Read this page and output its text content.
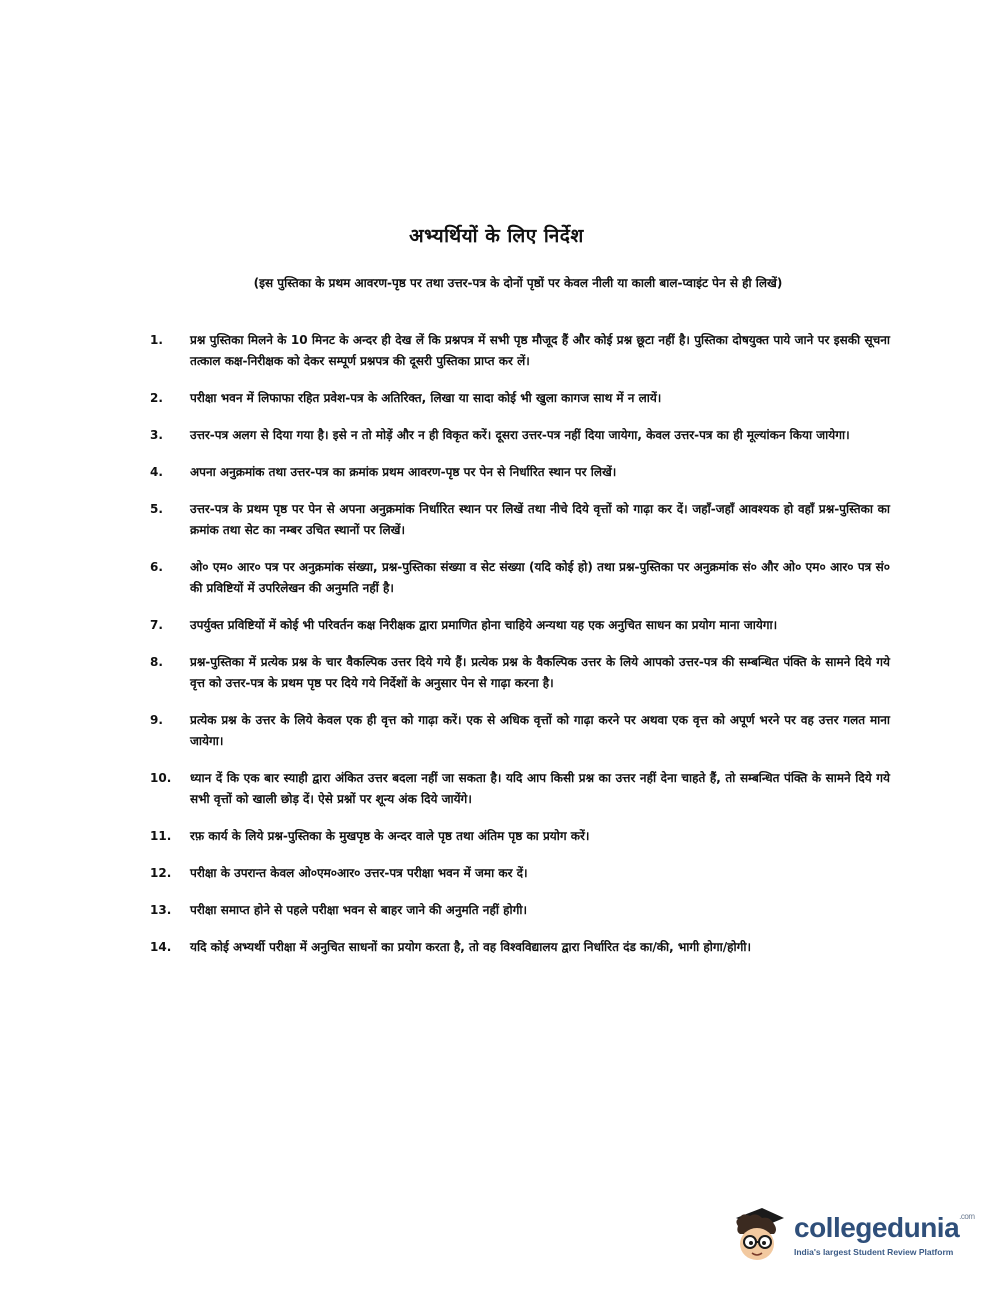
अभ्यर्थियों के लिए निर्देश
(इस पुस्तिका के प्रथम आवरण-पृष्ठ पर तथा उत्तर-पत्र के दोनों पृष्ठों पर केवल नीली या काली बाल-प्वाइंट पेन से ही लिखें)
1.	प्रश्न पुस्तिका मिलने के 10 मिनट के अन्दर ही देख लें कि प्रश्नपत्र में सभी पृष्ठ मौजूद हैं और कोई प्रश्न छूटा नहीं है। पुस्तिका दोषयुक्त पाये जाने पर इसकी सूचना तत्काल कक्ष-निरीक्षक को देकर सम्पूर्ण प्रश्नपत्र की दूसरी पुस्तिका प्राप्त कर लें।
2.	परीक्षा भवन में लिफाफा रहित प्रवेश-पत्र के अतिरिक्त, लिखा या सादा कोई भी खुला कागज साथ में न लायें।
3.	उत्तर-पत्र अलग से दिया गया है। इसे न तो मोड़ें और न ही विकृत करें। दूसरा उत्तर-पत्र नहीं दिया जायेगा, केवल उत्तर-पत्र का ही मूल्यांकन किया जायेगा।
4.	अपना अनुक्रमांक तथा उत्तर-पत्र का क्रमांक प्रथम आवरण-पृष्ठ पर पेन से निर्धारित स्थान पर लिखें।
5.	उत्तर-पत्र के प्रथम पृष्ठ पर पेन से अपना अनुक्रमांक निर्धारित स्थान पर लिखें तथा नीचे दिये वृत्तों को गाढ़ा कर दें। जहाँ-जहाँ आवश्यक हो वहाँ प्रश्न-पुस्तिका का क्रमांक तथा सेट का नम्बर उचित स्थानों पर लिखें।
6.	ओ० एम० आर० पत्र पर अनुक्रमांक संख्या, प्रश्न-पुस्तिका संख्या व सेट संख्या (यदि कोई हो) तथा प्रश्न-पुस्तिका पर अनुक्रमांक सं० और ओ० एम० आर० पत्र सं० की प्रविष्टियों में उपरिलेखन की अनुमति नहीं है।
7.	उपर्युक्त प्रविष्टियों में कोई भी परिवर्तन कक्ष निरीक्षक द्वारा प्रमाणित होना चाहिये अन्यथा यह एक अनुचित साधन का प्रयोग माना जायेगा।
8.	प्रश्न-पुस्तिका में प्रत्येक प्रश्न के चार वैकल्पिक उत्तर दिये गये हैं। प्रत्येक प्रश्न के वैकल्पिक उत्तर के लिये आपको उत्तर-पत्र की सम्बन्धित पंक्ति के सामने दिये गये वृत्त को उत्तर-पत्र के प्रथम पृष्ठ पर दिये गये निर्देशों के अनुसार पेन से गाढ़ा करना है।
9.	प्रत्येक प्रश्न के उत्तर के लिये केवल एक ही वृत्त को गाढ़ा करें। एक से अधिक वृत्तों को गाढ़ा करने पर अथवा एक वृत्त को अपूर्ण भरने पर वह उत्तर गलत माना जायेगा।
10.	ध्यान दें कि एक बार स्याही द्वारा अंकित उत्तर बदला नहीं जा सकता है। यदि आप किसी प्रश्न का उत्तर नहीं देना चाहते हैं, तो सम्बन्धित पंक्ति के सामने दिये गये सभी वृत्तों को खाली छोड़ दें। ऐसे प्रश्नों पर शून्य अंक दिये जायेंगे।
11.	रफ़ कार्य के लिये प्रश्न-पुस्तिका के मुखपृष्ठ के अन्दर वाले पृष्ठ तथा अंतिम पृष्ठ का प्रयोग करें।
12.	परीक्षा के उपरान्त केवल ओ०एम०आर० उत्तर-पत्र परीक्षा भवन में जमा कर दें।
13.	परीक्षा समाप्त होने से पहले परीक्षा भवन से बाहर जाने की अनुमति नहीं होगी।
14.	यदि कोई अभ्यर्थी परीक्षा में अनुचित साधनों का प्रयोग करता है, तो वह विश्वविद्यालय द्वारा निर्धारित दंड का/की, भागी होगा/होगी।
collegedunia$^{.com}$
India's largest Student Review Platform
